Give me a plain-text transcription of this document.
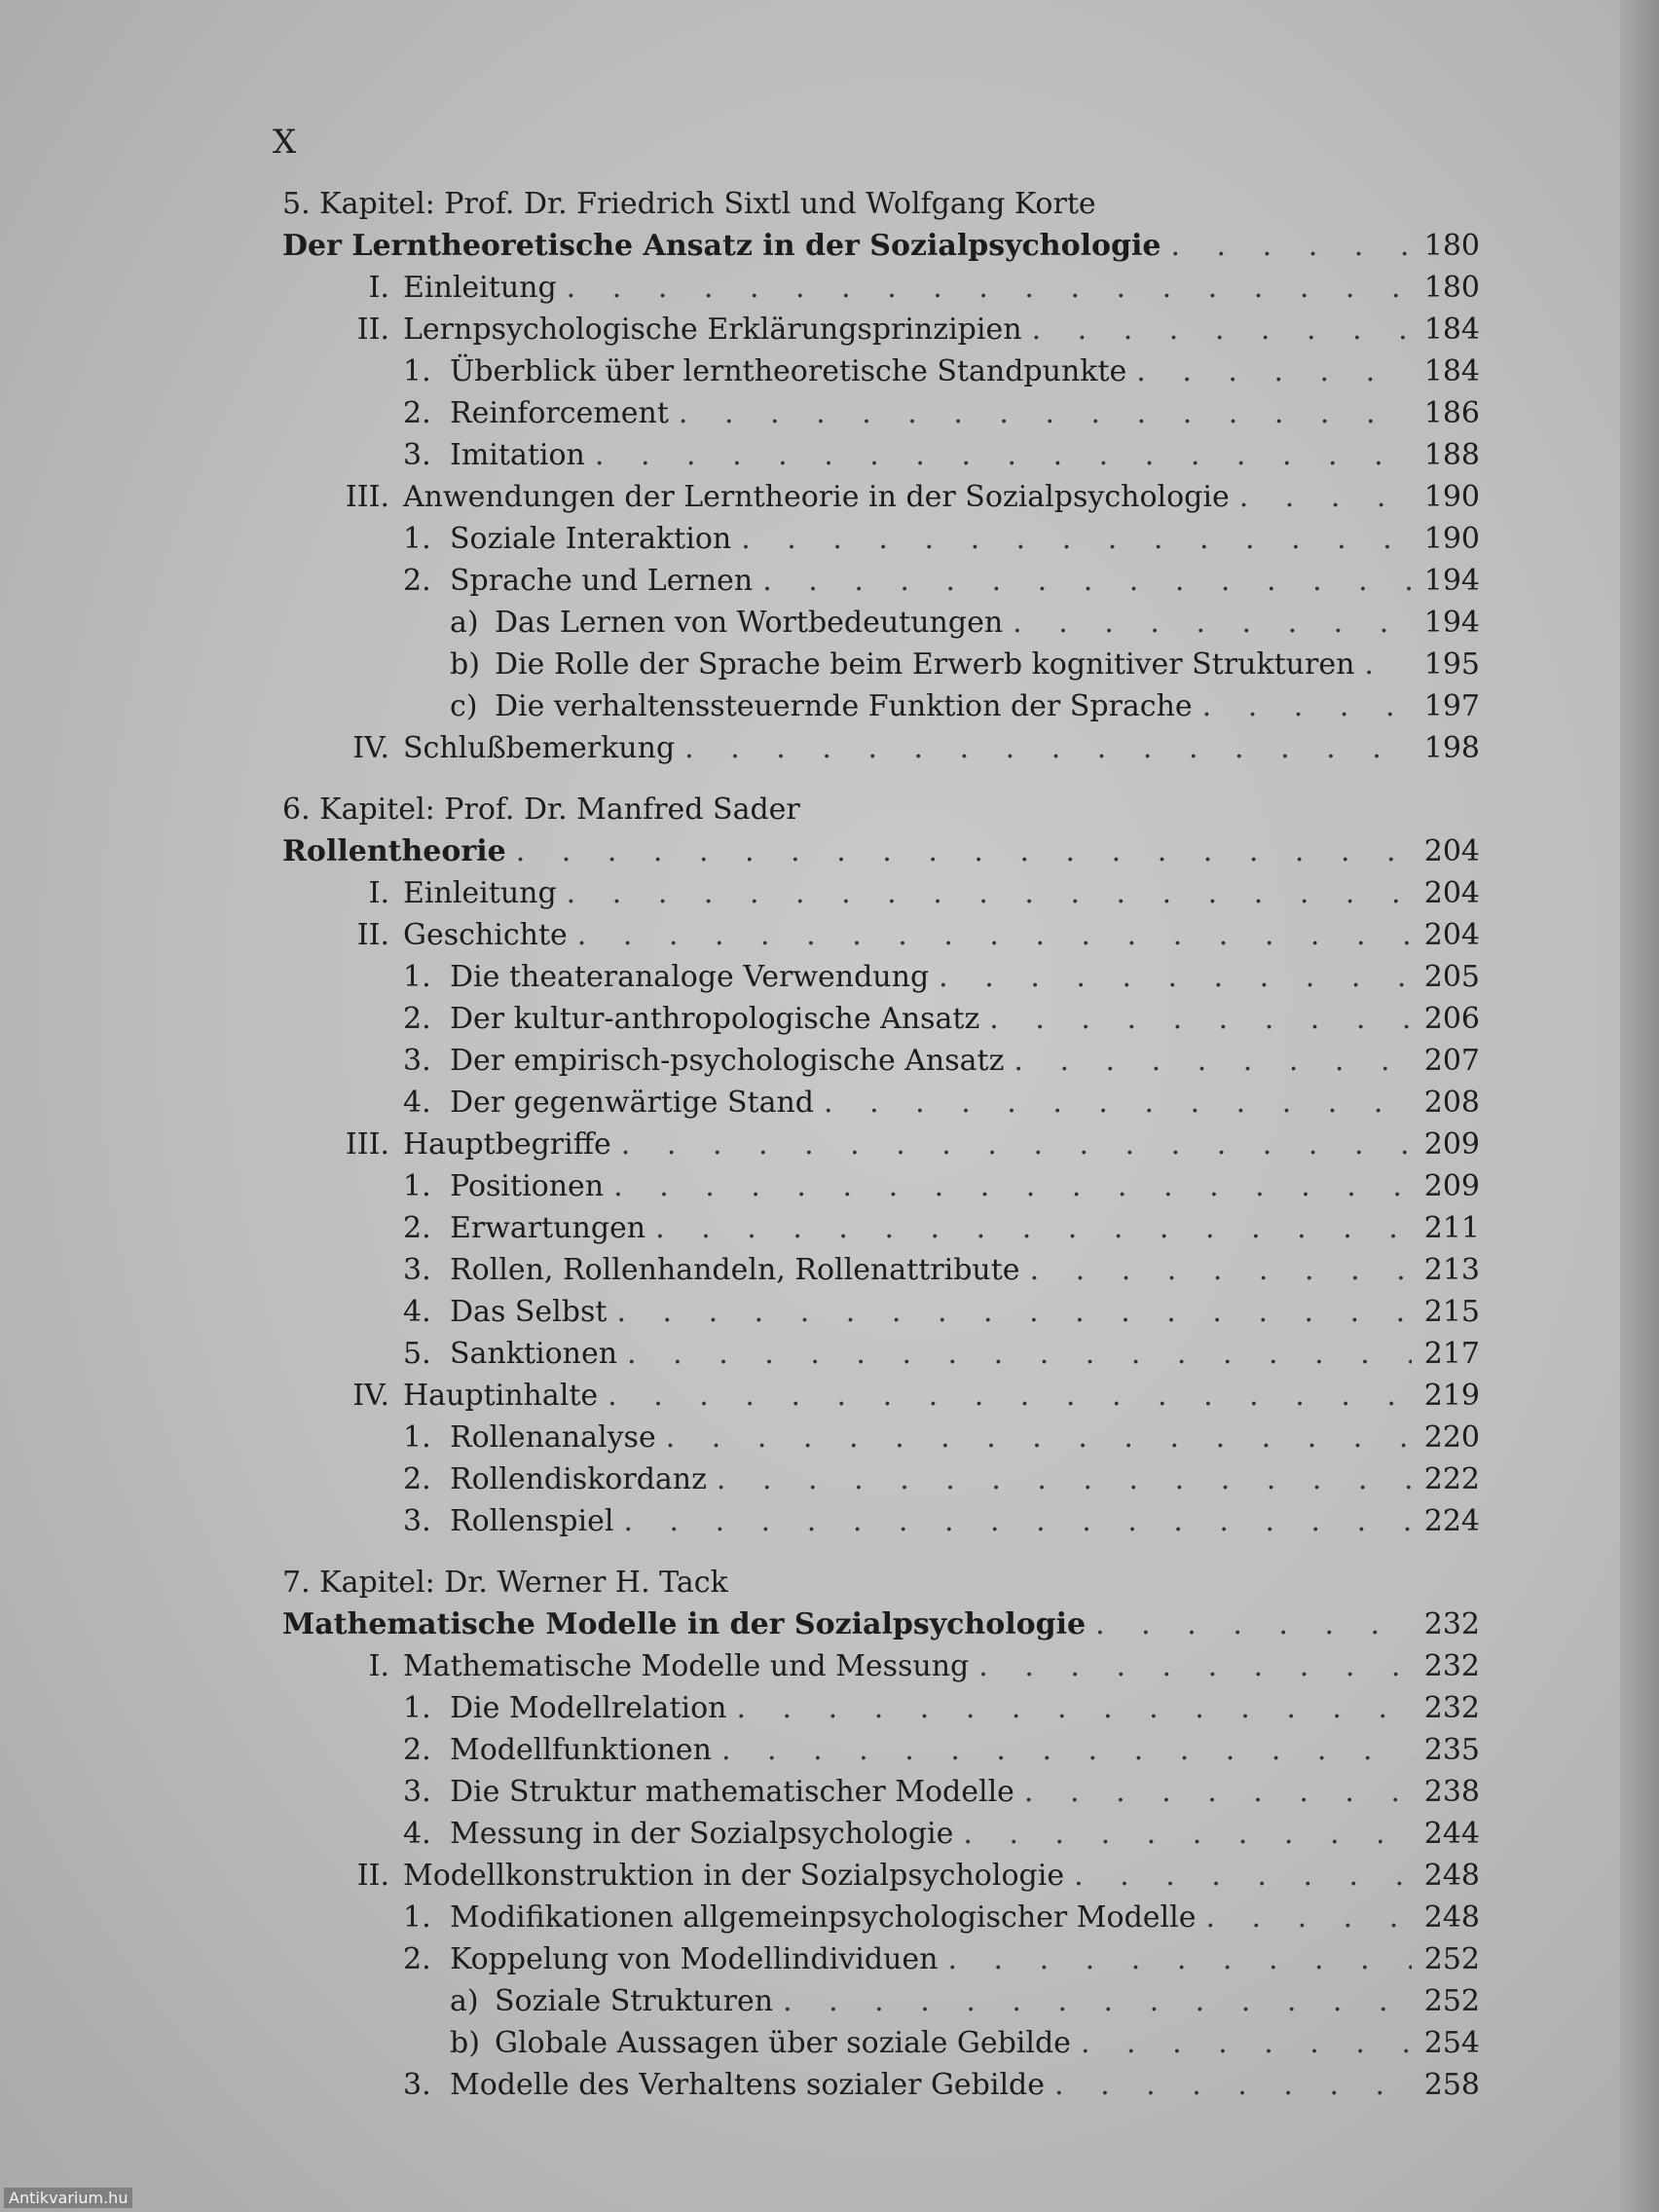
X
5. Kapitel: Prof. Dr. Friedrich Sixtl und Wolfgang Korte
Der Lerntheoretische Ansatz in der Sozialpsychologie . . .	180
I. Einleitung . . .	180
II. Lernpsychologische Erklärungsprinzipien . . .	184
1. Überblick über lerntheoretische Standpunkte . . .	184
2. Reinforcement . . .	186
3. Imitation . . .	188
III. Anwendungen der Lerntheorie in der Sozialpsychologie . . .	190
1. Soziale Interaktion . . .	190
2. Sprache und Lernen . . .	194
a) Das Lernen von Wortbedeutungen . . .	194
b) Die Rolle der Sprache beim Erwerb kognitiver Strukturen . . . 195
c) Die verhaltenssteuernde Funktion der Sprache . . .	197
IV. Schlußbemerkung . . .	198
6. Kapitel: Prof. Dr. Manfred Sader
Rollentheorie . . .	204
I. Einleitung . . .	204
II. Geschichte . . .	204
1. Die theateranaloge Verwendung . . .	205
2. Der kultur-anthropologische Ansatz . . .	206
3. Der empirisch-psychologische Ansatz . . .	207
4. Der gegenwärtige Stand . . .	208
III. Hauptbegriffe . . .	209
1. Positionen . . .	209
2. Erwartungen . . .	211
3. Rollen, Rollenhandeln, Rollenattribute . . .	213
4. Das Selbst . . .	215
5. Sanktionen . . .	217
IV. Hauptinhalte . . .	219
1. Rollenanalyse . . .	220
2. Rollendiskordanz . . .	222
3. Rollenspiel . . .	224
7. Kapitel: Dr. Werner H. Tack
Mathematische Modelle in der Sozialpsychologie . . .	232
I. Mathematische Modelle und Messung . . .	232
1. Die Modellrelation . . .	232
2. Modellfunktionen . . .	235
3. Die Struktur mathematischer Modelle . . .	238
4. Messung in der Sozialpsychologie . . .	244
II. Modellkonstruktion in der Sozialpsychologie . . .	248
1. Modifikationen allgemeinpsychologischer Modelle . . .	248
2. Koppelung von Modellindividuen . . .	252
a) Soziale Strukturen . . .	252
b) Globale Aussagen über soziale Gebilde . . .	254
3. Modelle des Verhaltens sozialer Gebilde . . .	258
Antikvarium.hu
